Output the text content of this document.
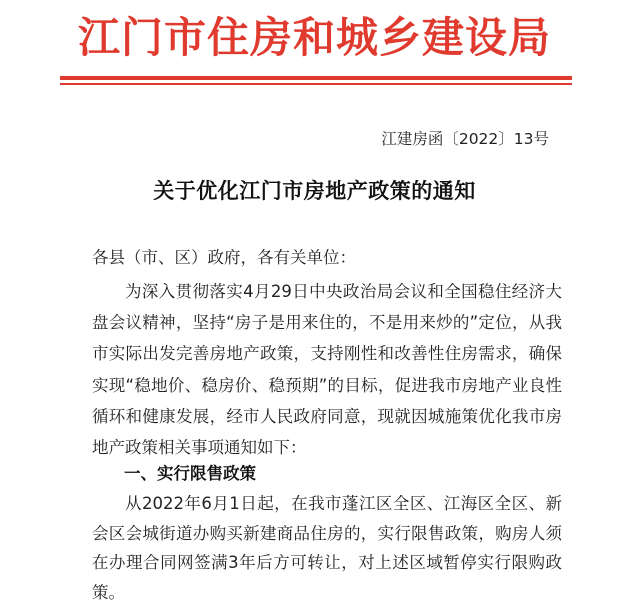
江门市住房和城乡建设局
江建房函〔2022〕13号
关于优化江门市房地产政策的通知
各县（市、区）政府，各有关单位：
为深入贯彻落实4月29日中央政治局会议和全国稳住经济大盘会议精神，坚持“房子是用来住的，不是用来炒的”定位，从我市实际出发完善房地产政策，支持刚性和改善性住房需求，确保实现“稳地价、稳房价、稳预期”的目标，促进我市房地产业良性循环和健康发展，经市人民政府同意，现就因城施策优化我市房地产政策相关事项通知如下：
一、实行限售政策
从2022年6月1日起，在我市蓬江区全区、江海区全区、新会区会城街道办购买新建商品住房的，实行限售政策，购房人须在办理合同网签满3年后方可转让，对上述区域暂停实行限购政策。
